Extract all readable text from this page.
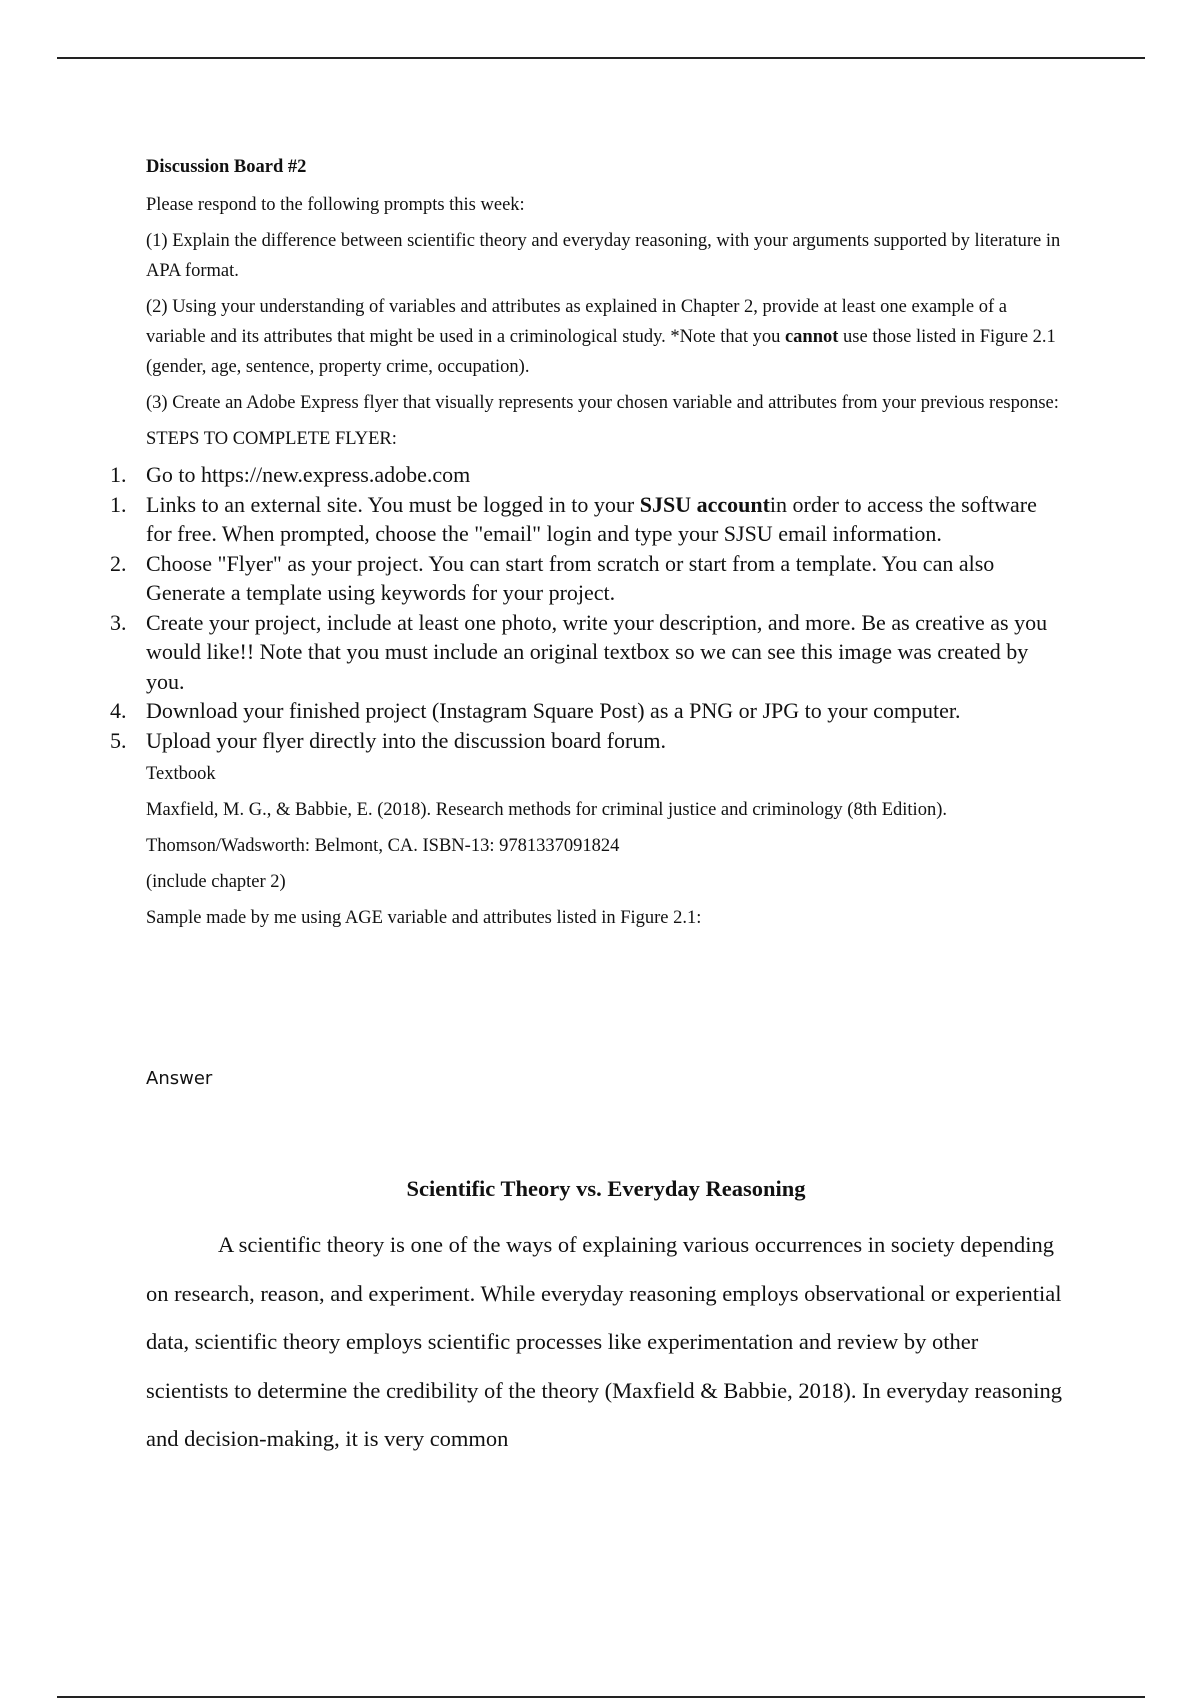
Discussion Board #2

Please respond to the following prompts this week:

(1) Explain the difference between scientific theory and everyday reasoning, with your arguments supported by literature in APA format.

(2) Using your understanding of variables and attributes as explained in Chapter 2, provide at least one example of a variable and its attributes that might be used in a criminological study. *Note that you cannot use those listed in Figure 2.1 (gender, age, sentence, property crime, occupation).

(3) Create an Adobe Express flyer that visually represents your chosen variable and attributes from your previous response:

STEPS TO COMPLETE FLYER:

1. Go to https://new.express.adobe.com
1. Links to an external site. You must be logged in to your SJSU accountin order to access the software for free. When prompted, choose the "email" login and type your SJSU email information.
2. Choose "Flyer" as your project. You can start from scratch or start from a template. You can also Generate a template using keywords for your project.
3. Create your project, include at least one photo, write your description, and more. Be as creative as you would like!! Note that you must include an original textbox so we can see this image was created by you.
4. Download your finished project (Instagram Square Post) as a PNG or JPG to your computer.
5. Upload your flyer directly into the discussion board forum.

Textbook

Maxfield, M. G., & Babbie, E. (2018). Research methods for criminal justice and criminology (8th Edition).

Thomson/Wadsworth: Belmont, CA. ISBN-13: 9781337091824

(include chapter 2)

Sample made by me using AGE variable and attributes listed in Figure 2.1:

Answer

Scientific Theory vs. Everyday Reasoning

A scientific theory is one of the ways of explaining various occurrences in society depending on research, reason, and experiment. While everyday reasoning employs observational or experiential data, scientific theory employs scientific processes like experimentation and review by other scientists to determine the credibility of the theory (Maxfield & Babbie, 2018). In everyday reasoning and decision-making, it is very common
